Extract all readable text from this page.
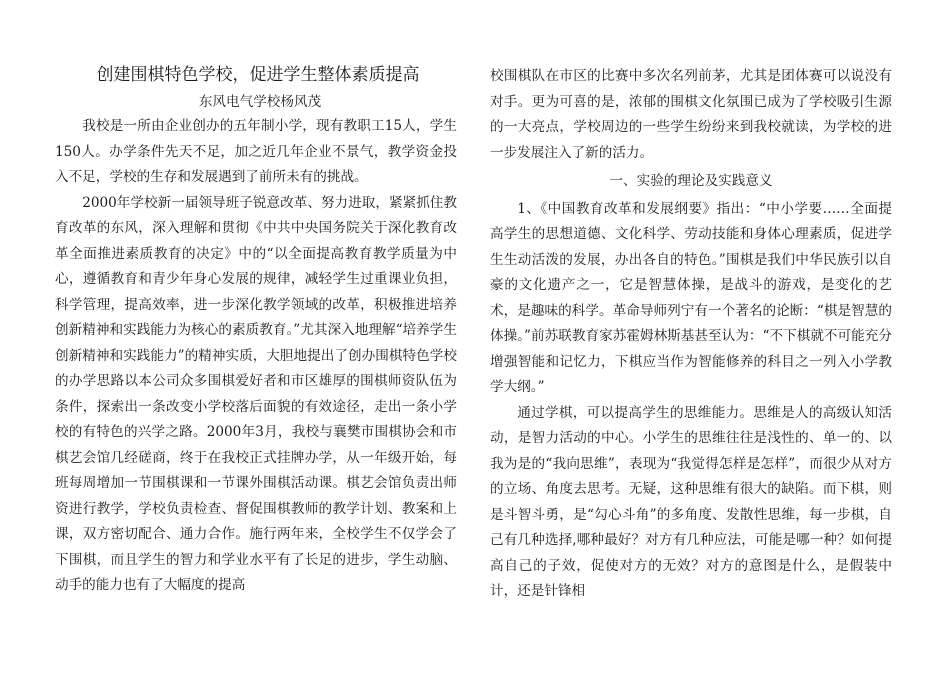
创建围棋特色学校，促进学生整体素质提高

东风电气学校杨风茂

我校是一所由企业创办的五年制小学，现有教职工15人，学生150人。办学条件先天不足，加之近几年企业不景气，教学资金投入不足，学校的生存和发展遇到了前所未有的挑战。

2000年学校新一届领导班子锐意改革、努力进取，紧紧抓住教育改革的东风，深入理解和贯彻《中共中央国务院关于深化教育改革全面推进素质教育的决定》中的“以全面提高教育教学质量为中心，遵循教育和青少年身心发展的规律，减轻学生过重课业负担，科学管理，提高效率，进一步深化教学领域的改革，积极推进培养创新精神和实践能力为核心的素质教育。”尤其深入地理解“培养学生创新精神和实践能力”的精神实质，大胆地提出了创办围棋特色学校的办学思路以本公司众多围棋爱好者和市区雄厚的围棋师资队伍为条件，探索出一条改变小学校落后面貌的有效途径，走出一条小学校的有特色的兴学之路。2000年3月，我校与襄樊市围棋协会和市棋艺会馆几经磋商，终于在我校正式挂牌办学，从一年级开始，每班每周增加一节围棋课和一节课外围棋活动课。棋艺会馆负责出师资进行教学，学校负责检查、督促围棋教师的教学计划、教案和上课，双方密切配合、通力合作。施行两年来，全校学生不仅学会了下围棋，而且学生的智力和学业水平有了长足的进步，学生动脑、动手的能力也有了大幅度的提高

校围棋队在市区的比赛中多次名列前茅，尤其是团体赛可以说没有对手。更为可喜的是，浓郁的围棋文化氛围已成为了学校吸引生源的一大亮点，学校周边的一些学生纷纷来到我校就读，为学校的进一步发展注入了新的活力。

一、实验的理论及实践意义

1、《中国教育改革和发展纲要》指出：“中小学要……全面提高学生的思想道德、文化科学、劳动技能和身体心理素质，促进学生生动活泼的发展，办出各自的特色。”围棋是我们中华民族引以自豪的文化遗产之一，它是智慧体操，是战斗的游戏，是变化的艺术，是趣味的科学。革命导师列宁有一个著名的论断：“棋是智慧的体操。”前苏联教育家苏霍姆林斯基甚至认为：“不下棋就不可能充分增强智能和记忆力，下棋应当作为智能修养的科目之一列入小学教学大纲。”

通过学棋，可以提高学生的思维能力。思维是人的高级认知活动，是智力活动的中心。小学生的思维往往是浅性的、单一的、以我为是的“我向思维”，表现为“我觉得怎样是怎样”，而很少从对方的立场、角度去思考。无疑，这种思维有很大的缺陷。而下棋，则是斗智斗勇，是“勾心斗角”的多角度、发散性思维，每一步棋，自己有几种选择,哪种最好？对方有几种应法，可能是哪一种？如何提高自己的子效，促使对方的无效？对方的意图是什么，是假装中计，还是针锋相
